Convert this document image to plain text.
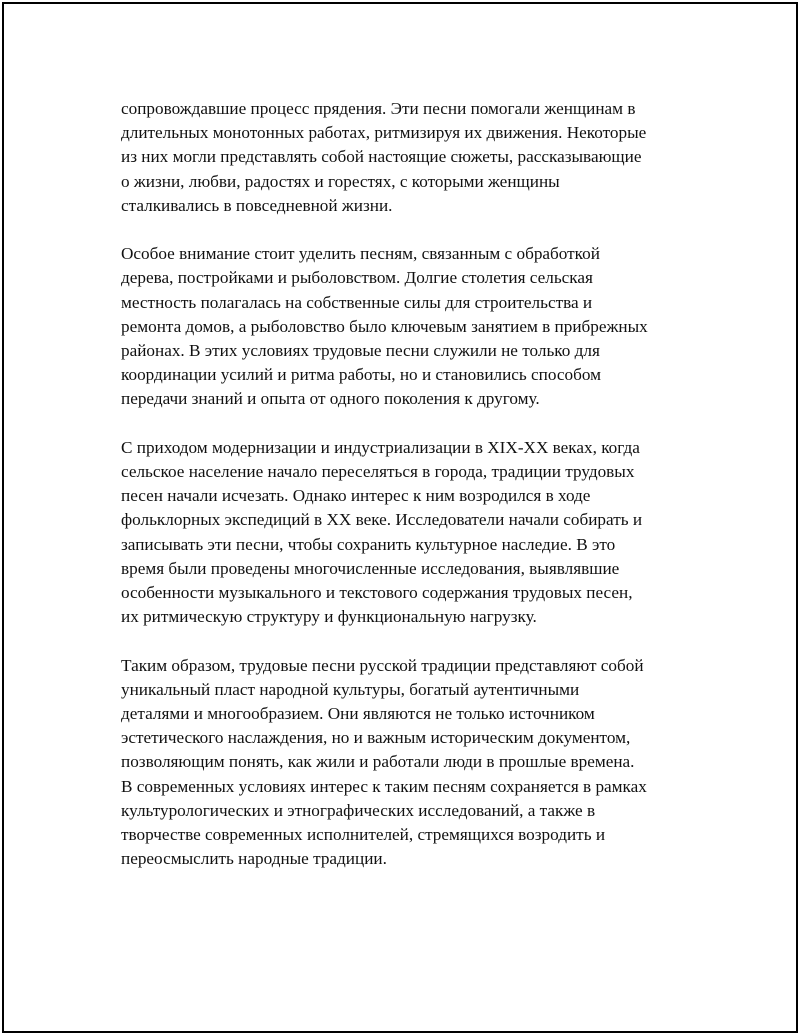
сопровождавшие процесс прядения. Эти песни помогали женщинам в
длительных монотонных работах, ритмизируя их движения. Некоторые
из них могли представлять собой настоящие сюжеты, рассказывающие
о жизни, любви, радостях и горестях, с которыми женщины
сталкивались в повседневной жизни.

Особое внимание стоит уделить песням, связанным с обработкой
дерева, постройками и рыболовством. Долгие столетия сельская
местность полагалась на собственные силы для строительства и
ремонта домов, а рыболовство было ключевым занятием в прибрежных
районах. В этих условиях трудовые песни служили не только для
координации усилий и ритма работы, но и становились способом
передачи знаний и опыта от одного поколения к другому.

С приходом модернизации и индустриализации в XIX-XX веках, когда
сельское население начало переселяться в города, традиции трудовых
песен начали исчезать. Однако интерес к ним возродился в ходе
фольклорных экспедиций в XX веке. Исследователи начали собирать и
записывать эти песни, чтобы сохранить культурное наследие. В это
время были проведены многочисленные исследования, выявлявшие
особенности музыкального и текстового содержания трудовых песен,
их ритмическую структуру и функциональную нагрузку.

Таким образом, трудовые песни русской традиции представляют собой
уникальный пласт народной культуры, богатый аутентичными
деталями и многообразием. Они являются не только источником
эстетического наслаждения, но и важным историческим документом,
позволяющим понять, как жили и работали люди в прошлые времена.
В современных условиях интерес к таким песням сохраняется в рамках
культурологических и этнографических исследований, а также в
творчестве современных исполнителей, стремящихся возродить и
переосмыслить народные традиции.
